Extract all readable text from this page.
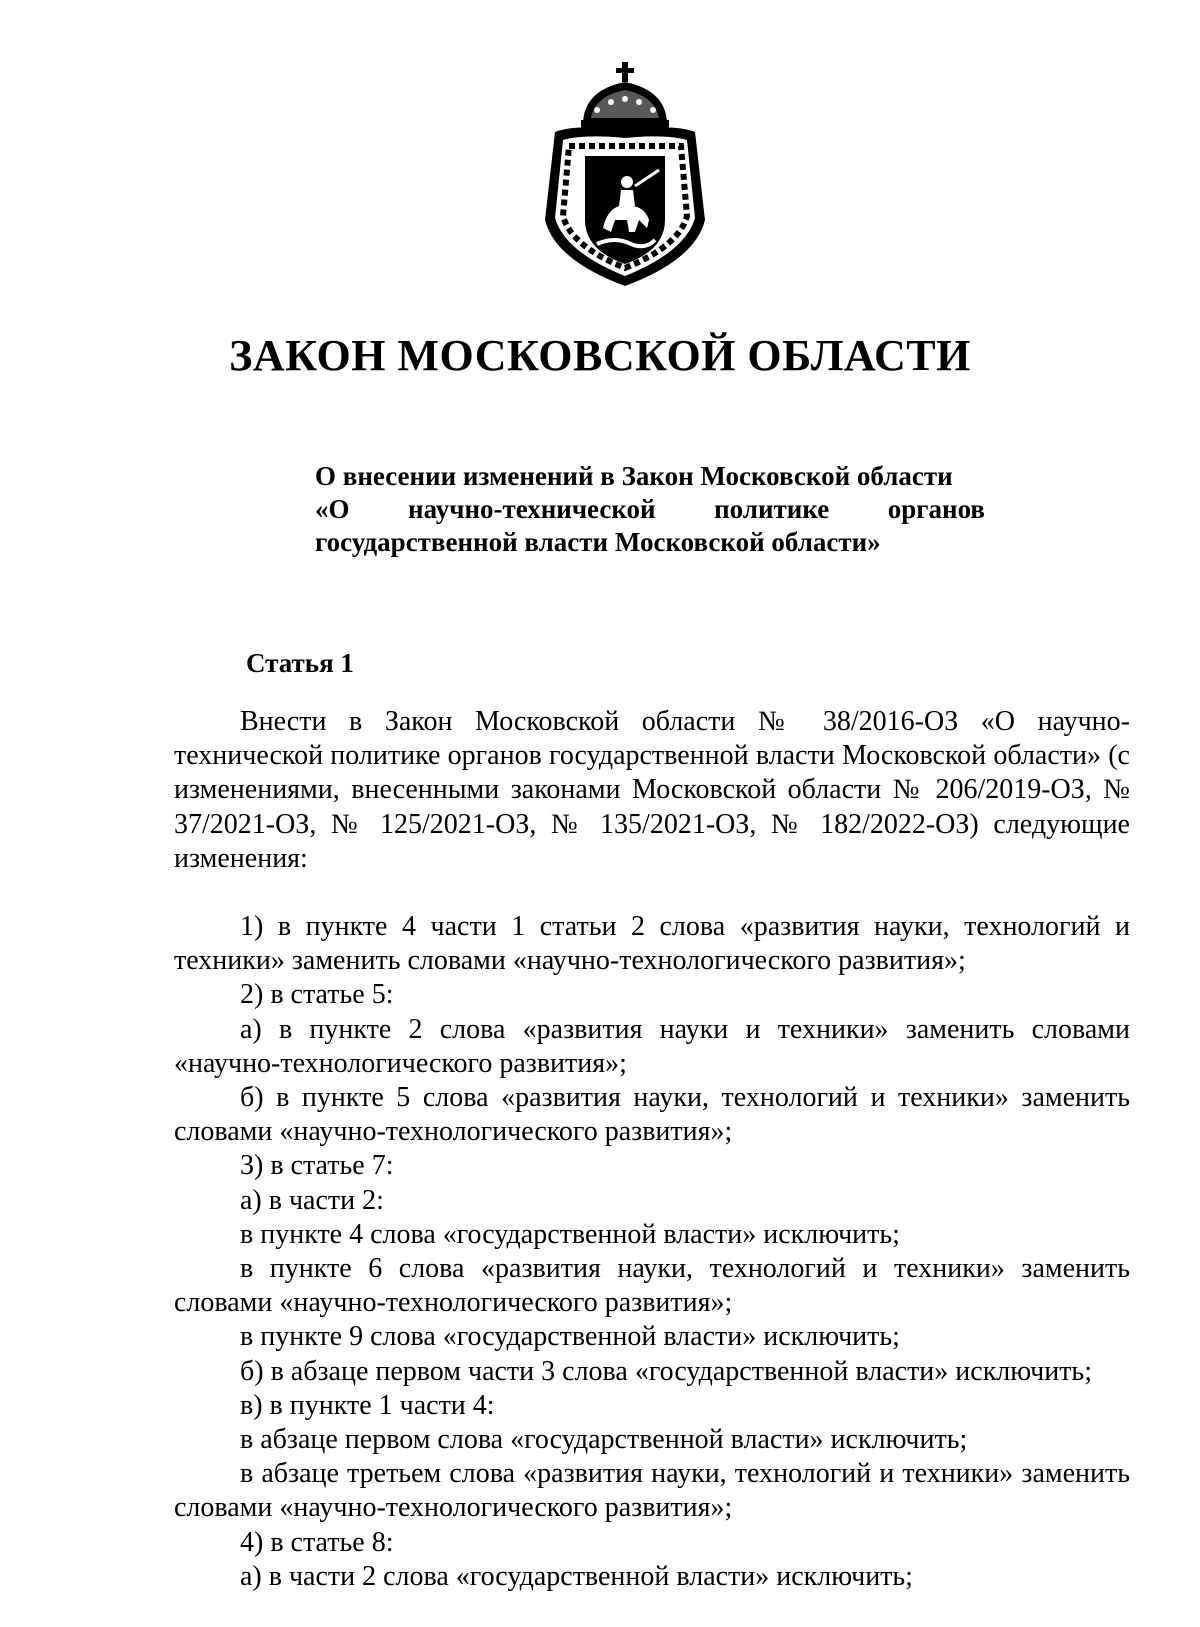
ЗАКОН МОСКОВСКОЙ ОБЛАСТИ
О внесении изменений в Закон Московской области
«О научно-технической политике органов
государственной власти Московской области»
Статья 1

Внести в Закон Московской области № 38/2016-ОЗ «О научно-технической политике органов государственной власти Московской области» (с изменениями, внесенными законами Московской области № 206/2019-ОЗ, № 37/2021-ОЗ, № 125/2021-ОЗ, № 135/2021-ОЗ, № 182/2022-ОЗ) следующие изменения:

1) в пункте 4 части 1 статьи 2 слова «развития науки, технологий и техники» заменить словами «научно-технологического развития»;

2) в статье 5:

а) в пункте 2 слова «развития науки и техники» заменить словами «научно-технологического развития»;

б) в пункте 5 слова «развития науки, технологий и техники» заменить словами «научно-технологического развития»;

3) в статье 7:

а) в части 2:

в пункте 4 слова «государственной власти» исключить;

в пункте 6 слова «развития науки, технологий и техники» заменить словами «научно-технологического развития»;

в пункте 9 слова «государственной власти» исключить;

б) в абзаце первом части 3 слова «государственной власти» исключить;

в) в пункте 1 части 4:

в абзаце первом слова «государственной власти» исключить;

в абзаце третьем слова «развития науки, технологий и техники» заменить словами «научно-технологического развития»;

4) в статье 8:

а) в части 2 слова «государственной власти» исключить;
